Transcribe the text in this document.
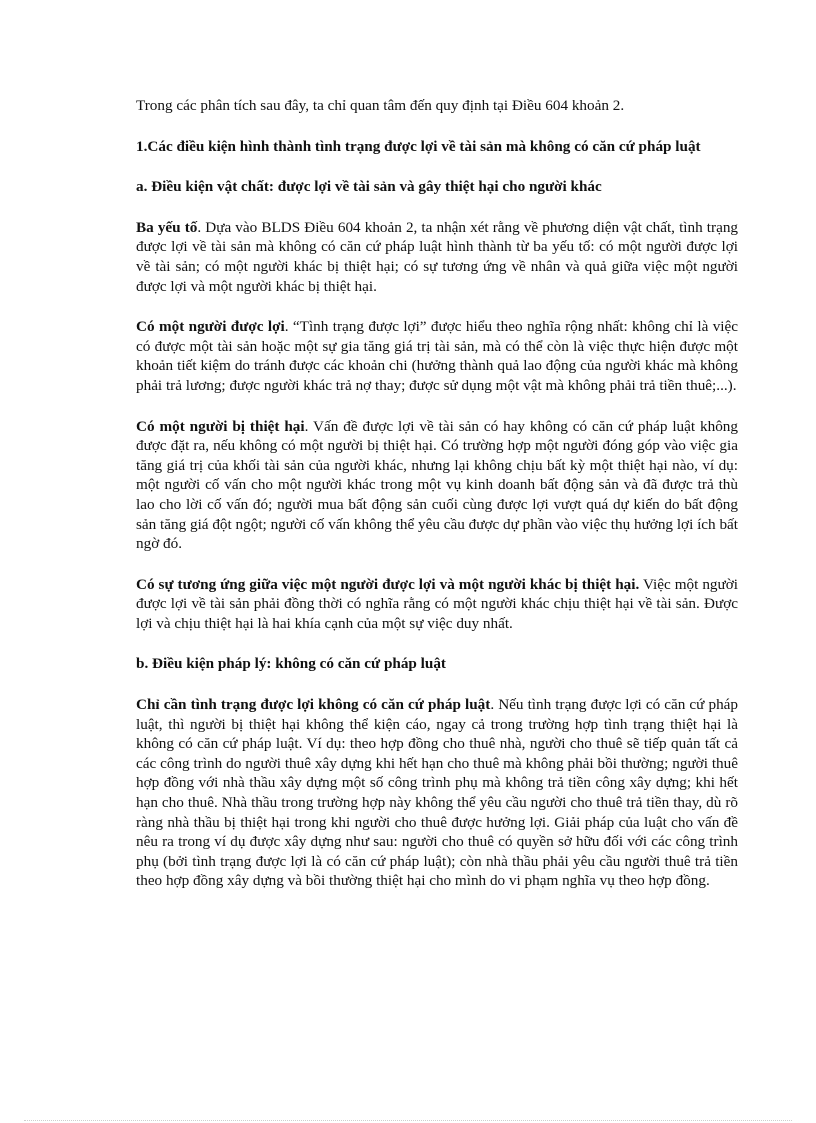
Trong các phân tích sau đây, ta chỉ quan tâm đến quy định tại Điều 604 khoản 2.

1.Các điều kiện hình thành tình trạng được lợi về tài sản mà không có căn cứ pháp luật

a. Điều kiện vật chất: được lợi về tài sản và gây thiệt hại cho người khác

Ba yếu tố. Dựa vào BLDS Điều 604 khoản 2, ta nhận xét rằng về phương diện vật chất, tình trạng được lợi về tài sản mà không có căn cứ pháp luật hình thành từ ba yếu tố: có một người được lợi về tài sản; có một người khác bị thiệt hại; có sự tương ứng về nhân và quả giữa việc một người được lợi và một người khác bị thiệt hại.

Có một người được lợi. “Tình trạng được lợi” được hiểu theo nghĩa rộng nhất: không chỉ là việc có được một tài sản hoặc một sự gia tăng giá trị tài sản, mà có thể còn là việc thực hiện được một khoản tiết kiệm do tránh được các khoản chi (hưởng thành quả lao động của người khác mà không phải trả lương; được người khác trả nợ thay; được sử dụng một vật mà không phải trả tiền thuê;...).

Có một người bị thiệt hại. Vấn đề được lợi về tài sản có hay không có căn cứ pháp luật không được đặt ra, nếu không có một người bị thiệt hại. Có trường hợp một người đóng góp vào việc gia tăng giá trị của khối tài sản của người khác, nhưng lại không chịu bất kỳ một thiệt hại nào, ví dụ: một người cố vấn cho một người khác trong một vụ kinh doanh bất động sản và đã được trả thù lao cho lời cố vấn đó; người mua bất động sản cuối cùng được lợi vượt quá dự kiến do bất động sản tăng giá đột ngột; người cố vấn không thể yêu cầu được dự phần vào việc thụ hưởng lợi ích bất ngờ đó.

Có sự tương ứng giữa việc một người được lợi và một người khác bị thiệt hại. Việc một người được lợi về tài sản phải đồng thời có nghĩa rằng có một người khác chịu thiệt hại về tài sản. Được lợi và chịu thiệt hại là hai khía cạnh của một sự việc duy nhất.

b. Điều kiện pháp lý: không có căn cứ pháp luật

Chỉ cần tình trạng được lợi không có căn cứ pháp luật. Nếu tình trạng được lợi có căn cứ pháp luật, thì người bị thiệt hại không thể kiện cáo, ngay cả trong trường hợp tình trạng thiệt hại là không có căn cứ pháp luật. Ví dụ: theo hợp đồng cho thuê nhà, người cho thuê sẽ tiếp quản tất cả các công trình do người thuê xây dựng khi hết hạn cho thuê mà không phải bồi thường; người thuê hợp đồng với nhà thầu xây dựng một số công trình phụ mà không trả tiền công xây dựng; khi hết hạn cho thuê. Nhà thầu trong trường hợp này không thể yêu cầu người cho thuê trả tiền thay, dù rõ ràng nhà thầu bị thiệt hại trong khi người cho thuê được hưởng lợi. Giải pháp của luật cho vấn đề nêu ra trong ví dụ được xây dựng như sau: người cho thuê có quyền sở hữu đối với các công trình phụ (bởi tình trạng được lợi là có căn cứ pháp luật); còn nhà thầu phải yêu cầu người thuê trả tiền theo hợp đồng xây dựng và bồi thường thiệt hại cho mình do vi phạm nghĩa vụ theo hợp đồng.
